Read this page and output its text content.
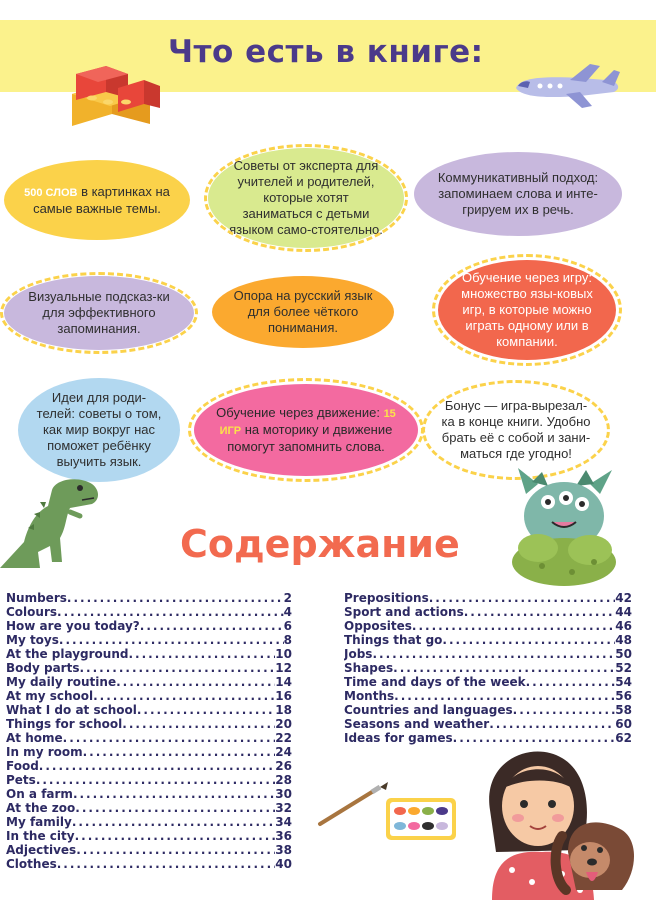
Что есть в книге:
500 СЛОВ в картинках на самые важные темы.
Советы от эксперта для учителей и родителей, которые хотят заниматься с детьми языком само-стоятельно.
Коммуникативный подход: запоминаем слова и инте-грируем их в речь.
Визуальные подсказ-ки для эффективного запоминания.
Опора на русский язык для более чёткого понимания.
Обучение через игру: множество язы-ковых игр, в которые можно играть одному или в компании.
Идеи для роди-телей: советы о том, как мир вокруг нас поможет ребёнку выучить язык.
Обучение через движение: 15 ИГР на моторику и движение помогут запомнить слова.
Бонус — игра-вырезал-ка в конце книги. Удобно брать её с собой и зани-маться где угодно!
Содержание
Numbers .....	2
Colours .....	4
How are you today? .....	6
My toys .....	8
At the playground .....	10
Body parts .....	12
My daily routine .....	14
At my school .....	16
What I do at school .....	18
Things for school .....	20
At home .....	22
In my room .....	24
Food .....	26
Pets .....	28
On a farm .....	30
At the zoo .....	32
My family .....	34
In the city .....	36
Adjectives .....	38
Clothes .....	40
Prepositions .....	42
Sport and actions .....	44
Opposites .....	46
Things that go .....	48
Jobs .....	50
Shapes .....	52
Time and days of the week .....	54
Months .....	56
Countries and languages .....	58
Seasons and weather .....	60
Ideas for games .....	62
